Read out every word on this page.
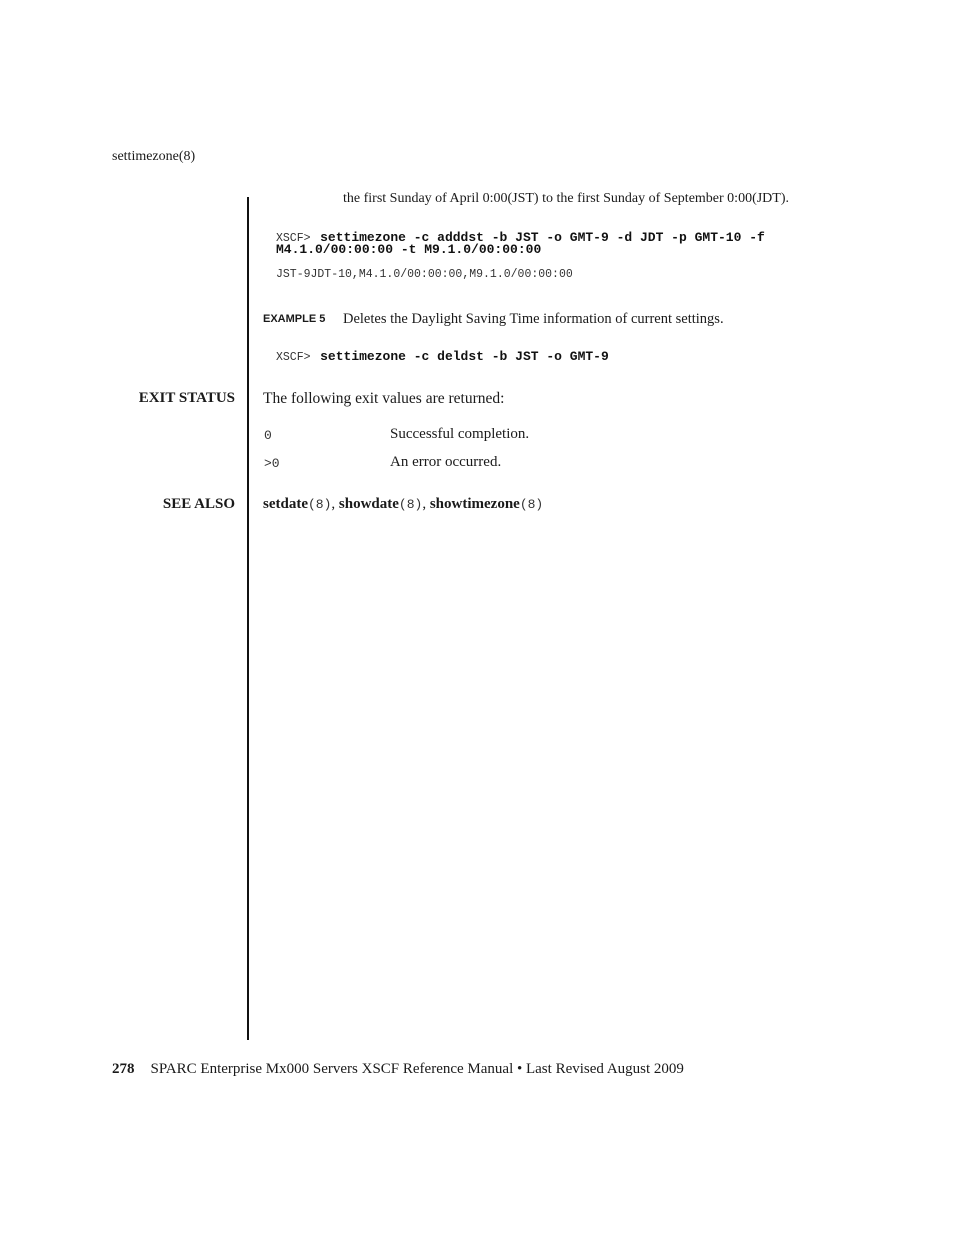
settimezone(8)
the first Sunday of April 0:00(JST) to the first Sunday of September 0:00(JDT).
XSCF> settimezone -c adddst -b JST -o GMT-9 -d JDT -p GMT-10 -f
M4.1.0/00:00:00 -t M9.1.0/00:00:00
JST-9JDT-10,M4.1.0/00:00:00,M9.1.0/00:00:00
EXAMPLE 5 Deletes the Daylight Saving Time information of current settings.
XSCF> settimezone -c deldst -b JST -o GMT-9
EXIT STATUS The following exit values are returned:
0	Successful completion.
>0	An error occurred.
SEE ALSO setdate(8), showdate(8), showtimezone(8)
278 SPARC Enterprise Mx000 Servers XSCF Reference Manual • Last Revised August 2009
